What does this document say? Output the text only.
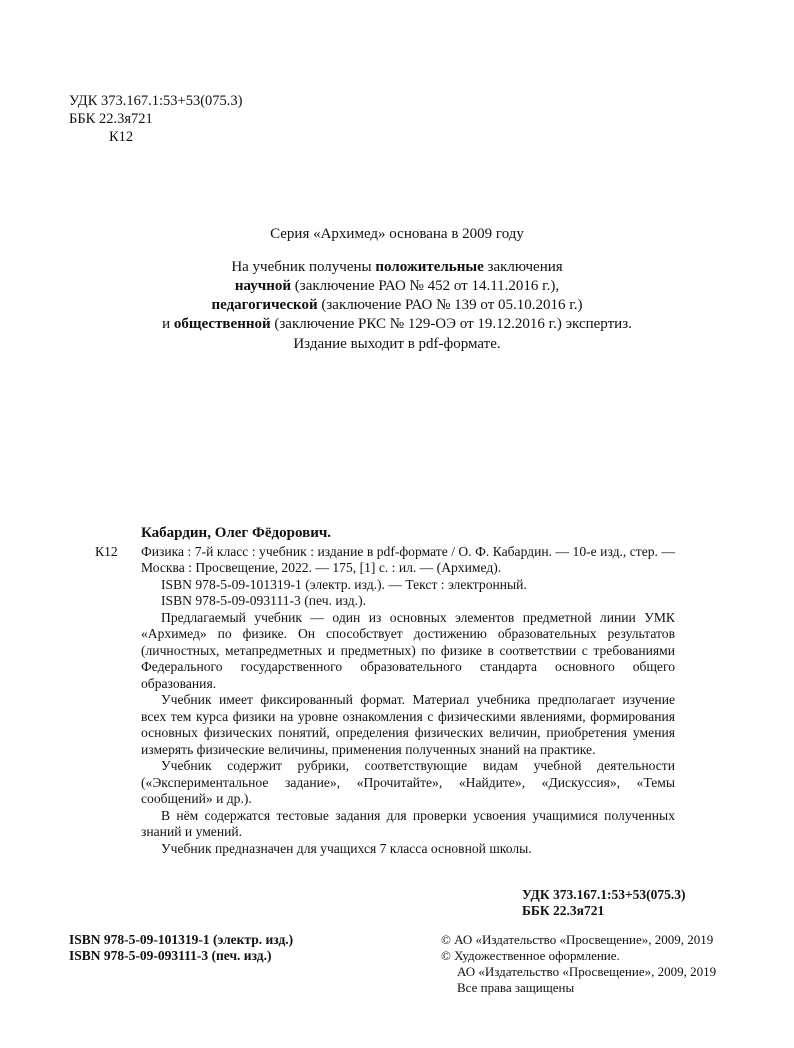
УДК 373.167.1:53+53(075.3)
ББК 22.3я721
К12
Серия «Архимед» основана в 2009 году
На учебник получены положительные заключения
научной (заключение РАО № 452 от 14.11.2016 г.),
педагогической (заключение РАО № 139 от 05.10.2016 г.)
и общественной (заключение РКС № 129-ОЭ от 19.12.2016 г.) экспертиз.
Издание выходит в pdf-формате.
Кабардин, Олег Фёдорович.
К12	Физика : 7-й класс : учебник : издание в pdf-формате / О. Ф. Кабардин. — 10-е изд., стер. — Москва : Просвещение, 2022. — 175, [1] с. : ил. — (Архимед).

ISBN 978-5-09-101319-1 (электр. изд.). — Текст : электронный.

ISBN 978-5-09-093111-3 (печ. изд.).

Предлагаемый учебник — один из основных элементов предметной линии УМК «Архимед» по физике. Он способствует достижению образовательных результатов (личностных, метапредметных и предметных) по физике в соответствии с требованиями Федерального государственного образовательного стандарта основного общего образования.

Учебник имеет фиксированный формат. Материал учебника предполагает изучение всех тем курса физики на уровне ознакомления с физическими явлениями, формирования основных физических понятий, определения физических величин, приобретения умения измерять физические величины, применения полученных знаний на практике.

Учебник содержит рубрики, соответствующие видам учебной деятельности («Экспериментальное задание», «Прочитайте», «Найдите», «Дискуссия», «Темы сообщений» и др.).

В нём содержатся тестовые задания для проверки усвоения учащимися полученных знаний и умений.

Учебник предназначен для учащихся 7 класса основной школы.

УДК 373.167.1:53+53(075.3)
ББК 22.3я721
ISBN 978-5-09-101319-1 (электр. изд.)
ISBN 978-5-09-093111-3 (печ. изд.)
© АО «Издательство «Просвещение», 2009, 2019
© Художественное оформление.
АО «Издательство «Просвещение», 2009, 2019
Все права защищены
